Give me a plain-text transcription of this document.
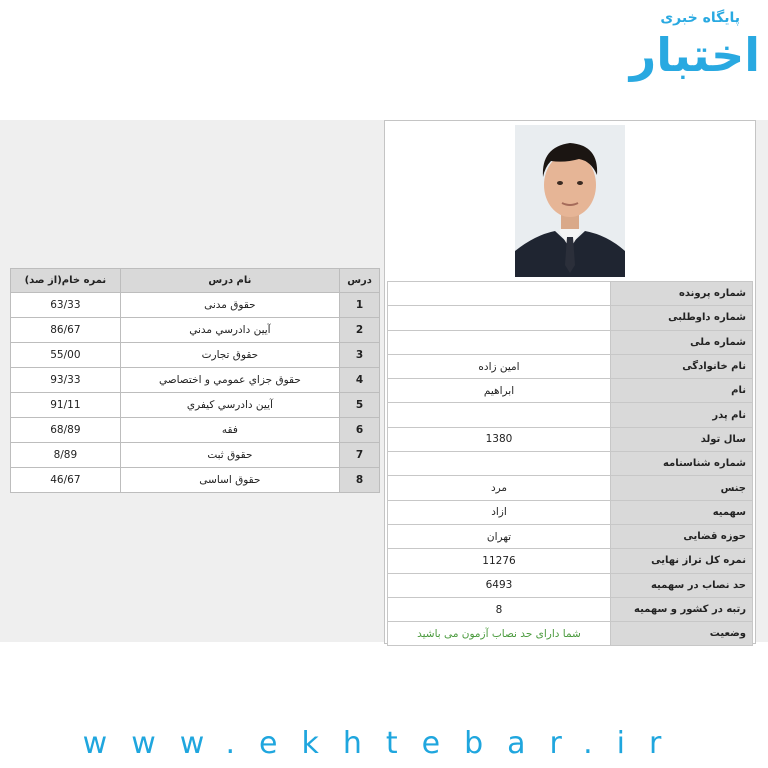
پایگاه خبری
اختبار
درس	نام درس	نمره خام(از صد)
1	حقوق مدنی	63/33
2	آيين دادرسي مدني	86/67
3	حقوق تجارت	55/00
4	حقوق جزاي عمومي و اختصاصي	93/33
5	آيين دادرسي كيفري	91/11
6	فقه	68/89
7	حقوق ثبت	8/89
8	حقوق اساسی	46/67
شماره پرونده	
شماره داوطلبی	
شماره ملی	
نام خانوادگی	امین زاده
نام	ابراهیم
نام پدر	
سال تولد	1380
شماره شناسنامه	
جنس	مرد
سهمیه	ازاد
حوزه قضایی	تهران
نمره کل تراز نهایی	11276
حد نصاب در سهمیه	6493
رتبه در کشور و سهمیه	8
وضعیت	شما دارای حد نصاب آزمون می باشید
www.ekhtebar.ir
